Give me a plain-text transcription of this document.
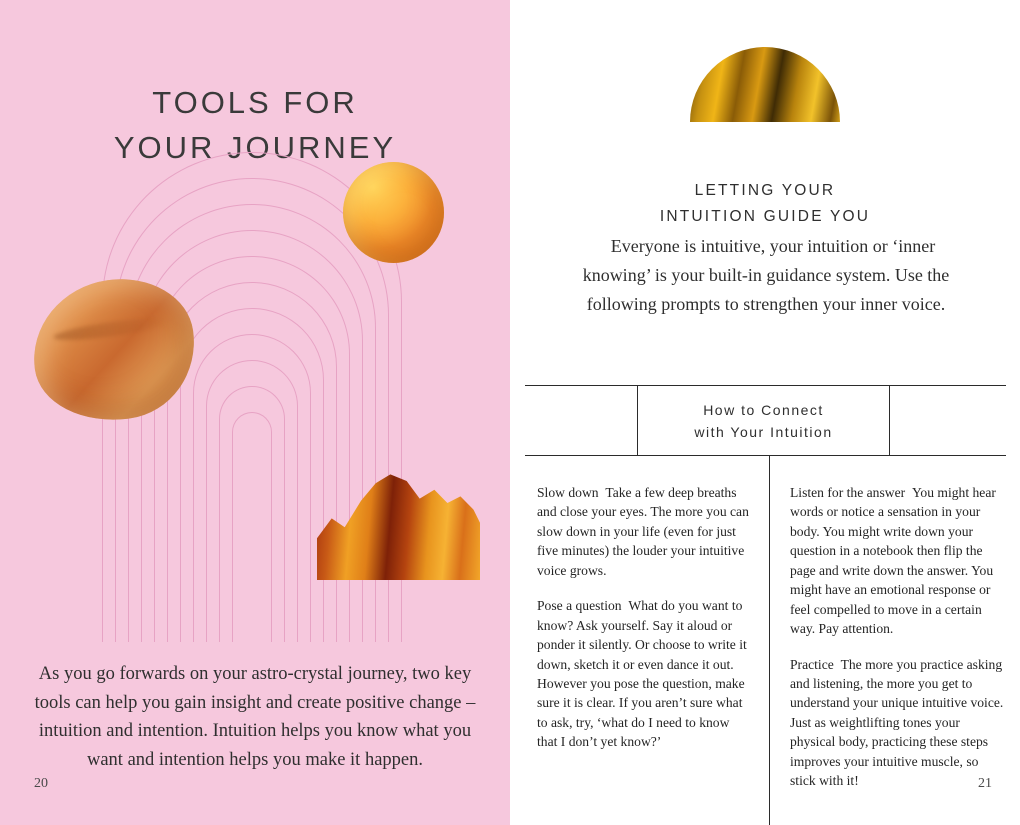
TOOLS FOR

YOUR JOURNEY

As you go forwards on your astro-crystal journey, two key tools can help you gain insight and create positive change – intuition and intention. Intuition helps you know what you want and intention helps you make it happen.
20
LETTING YOUR
INTUITION GUIDE YOU
Everyone is intuitive, your intuition or ‘inner knowing’ is your built-in guidance system. Use the following prompts to strengthen your inner voice.
How to Connect
with Your Intuition

Slow down Take a few deep breaths and close your eyes. The more you can slow down in your life (even for just five minutes) the louder your intuitive voice grows.

Pose a question What do you want to know? Ask yourself. Say it aloud or ponder it silently. Or choose to write it down, sketch it or even dance it out. However you pose the question, make sure it is clear. If you aren’t sure what to ask, try, ‘what do I need to know that I don’t yet know?’

Listen for the answer You might hear words or notice a sensation in your body. You might write down your question in a notebook then flip the page and write down the answer. You might have an emotional response or feel compelled to move in a certain way. Pay attention.

Practice The more you practice asking and listening, the more you get to understand your unique intuitive voice. Just as weightlifting tones your physical body, practicing these steps improves your intuitive muscle, so stick with it!	21
